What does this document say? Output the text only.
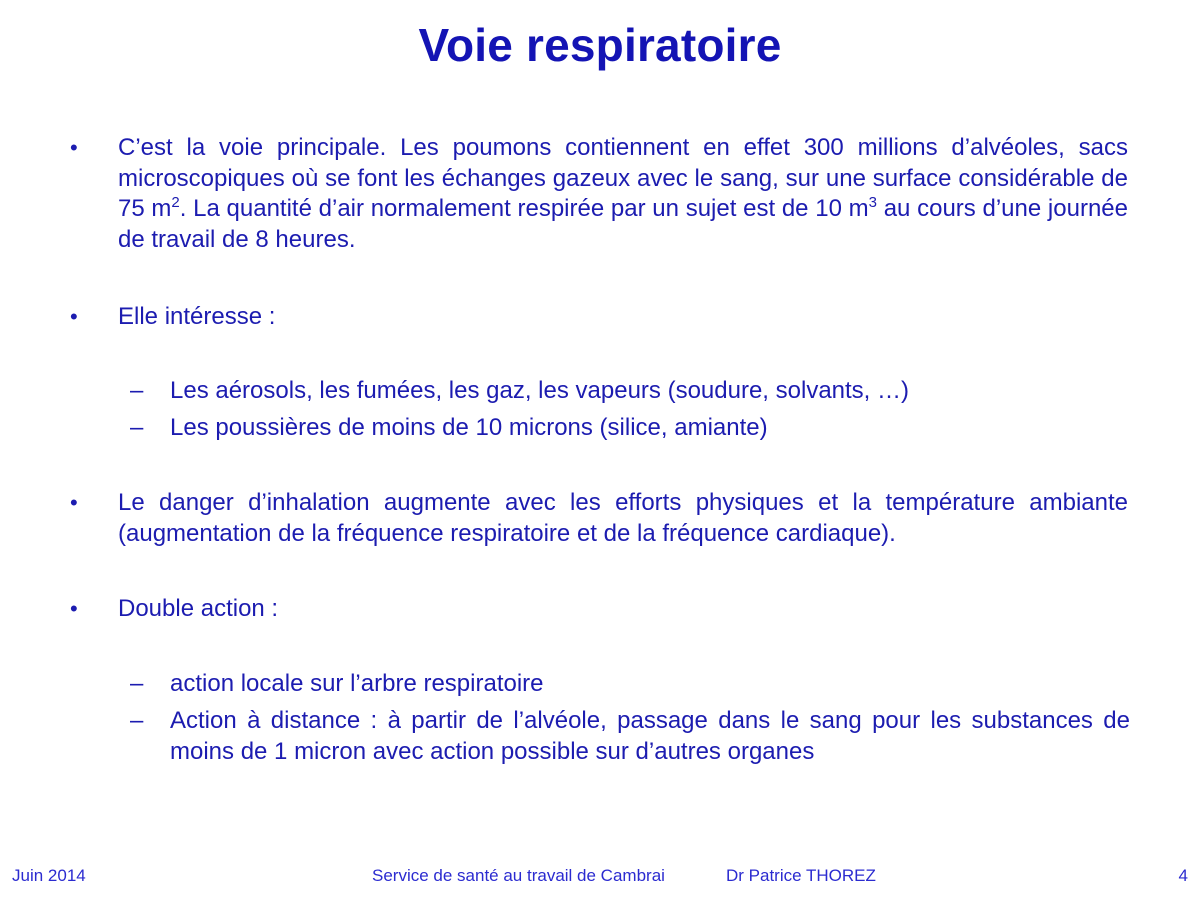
Voie respiratoire
• C’est la voie principale. Les poumons contiennent en effet 300 millions d’alvéoles, sacs microscopiques où se font les échanges gazeux avec le sang, sur une surface considérable de 75 $m^2$. La quantité d’air normalement respirée par un sujet est de 10 $m^3$ au cours d’une journée de travail de 8 heures.
• Elle intéresse :
– Les aérosols, les fumées, les gaz, les vapeurs (soudure, solvants, …)
– Les poussières de moins de 10 microns (silice, amiante)
• Le danger d’inhalation augmente avec les efforts physiques et la température ambiante (augmentation de la fréquence respiratoire et de la fréquence cardiaque).
• Double action :
– action locale sur l’arbre respiratoire
– Action à distance : à partir de l’alvéole, passage dans le sang pour les substances de moins de 1 micron avec action possible sur d’autres organes
Juin 2014	Service de santé au travail de Cambrai	Dr Patrice THOREZ	4
